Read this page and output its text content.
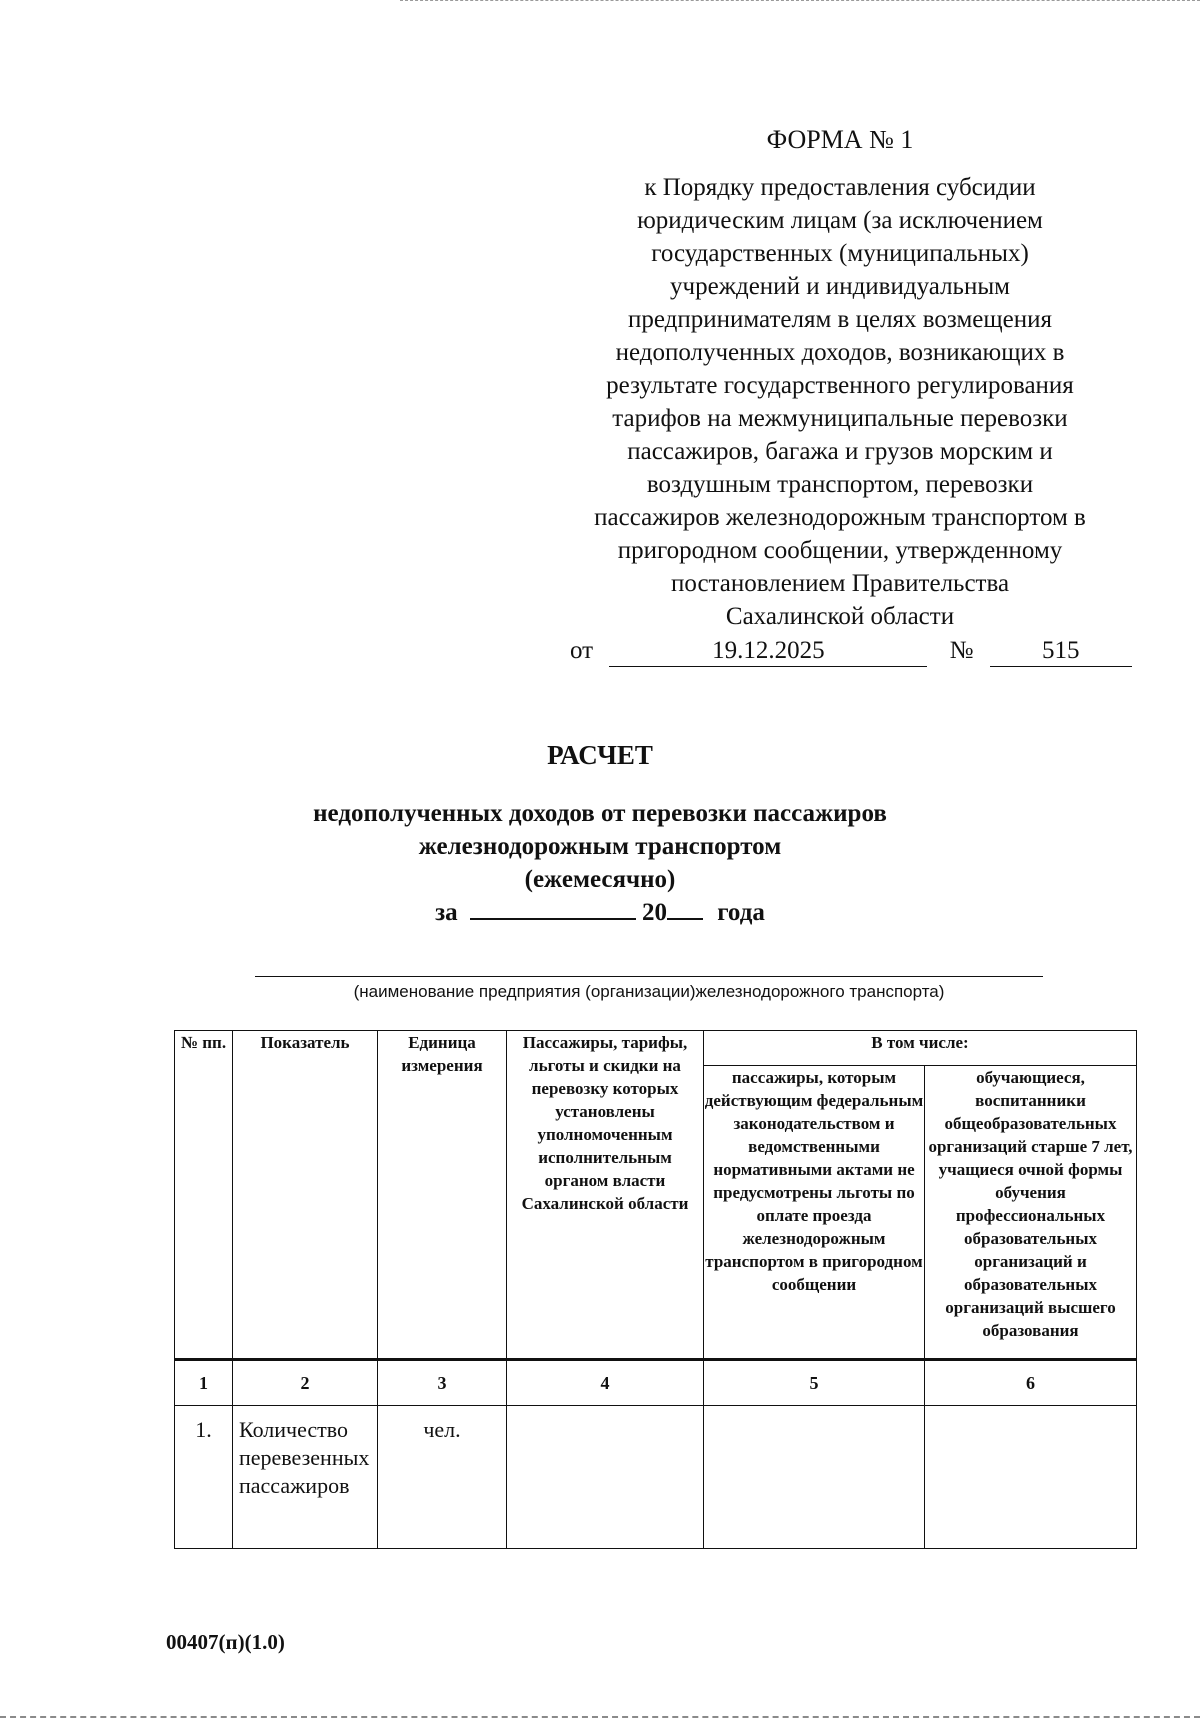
ФОРМА № 1
к Порядку предоставления субсидии
юридическим лицам (за исключением
государственных (муниципальных)
учреждений и индивидуальным
предпринимателям в целях возмещения
недополученных доходов, возникающих в
результате государственного регулирования
тарифов на межмуниципальные перевозки
пассажиров, багажа и грузов морским и
воздушным транспортом, перевозки
пассажиров железнодорожным транспортом в
пригородном сообщении, утвержденному
постановлением Правительства
Сахалинской области
от	19.12.2025	№	515
РАСЧЕТ
недополученных доходов от перевозки пассажиров
железнодорожным транспортом
(ежемесячно)
за	20 года
(наименование предприятия (организации)железнодорожного транспорта)
№ пп.	Показатель	Единица измерения	Пассажиры, тарифы, льготы и скидки на перевозку которых установлены уполномоченным исполнительным органом власти Сахалинской области	В том числе:	
				пассажиры, которым действующим федеральным законодательством и ведомственными нормативными актами не предусмотрены льготы по оплате проезда железнодорожным транспортом в пригородном сообщении	обучающиеся, воспитанники общеобразовательных организаций старше 7 лет, учащиеся очной формы обучения профессиональных образовательных организаций и образовательных организаций высшего образования
1	2	3	4	5	6
1.	Количество перевезенных пассажиров	чел.			
00407(п)(1.0)
